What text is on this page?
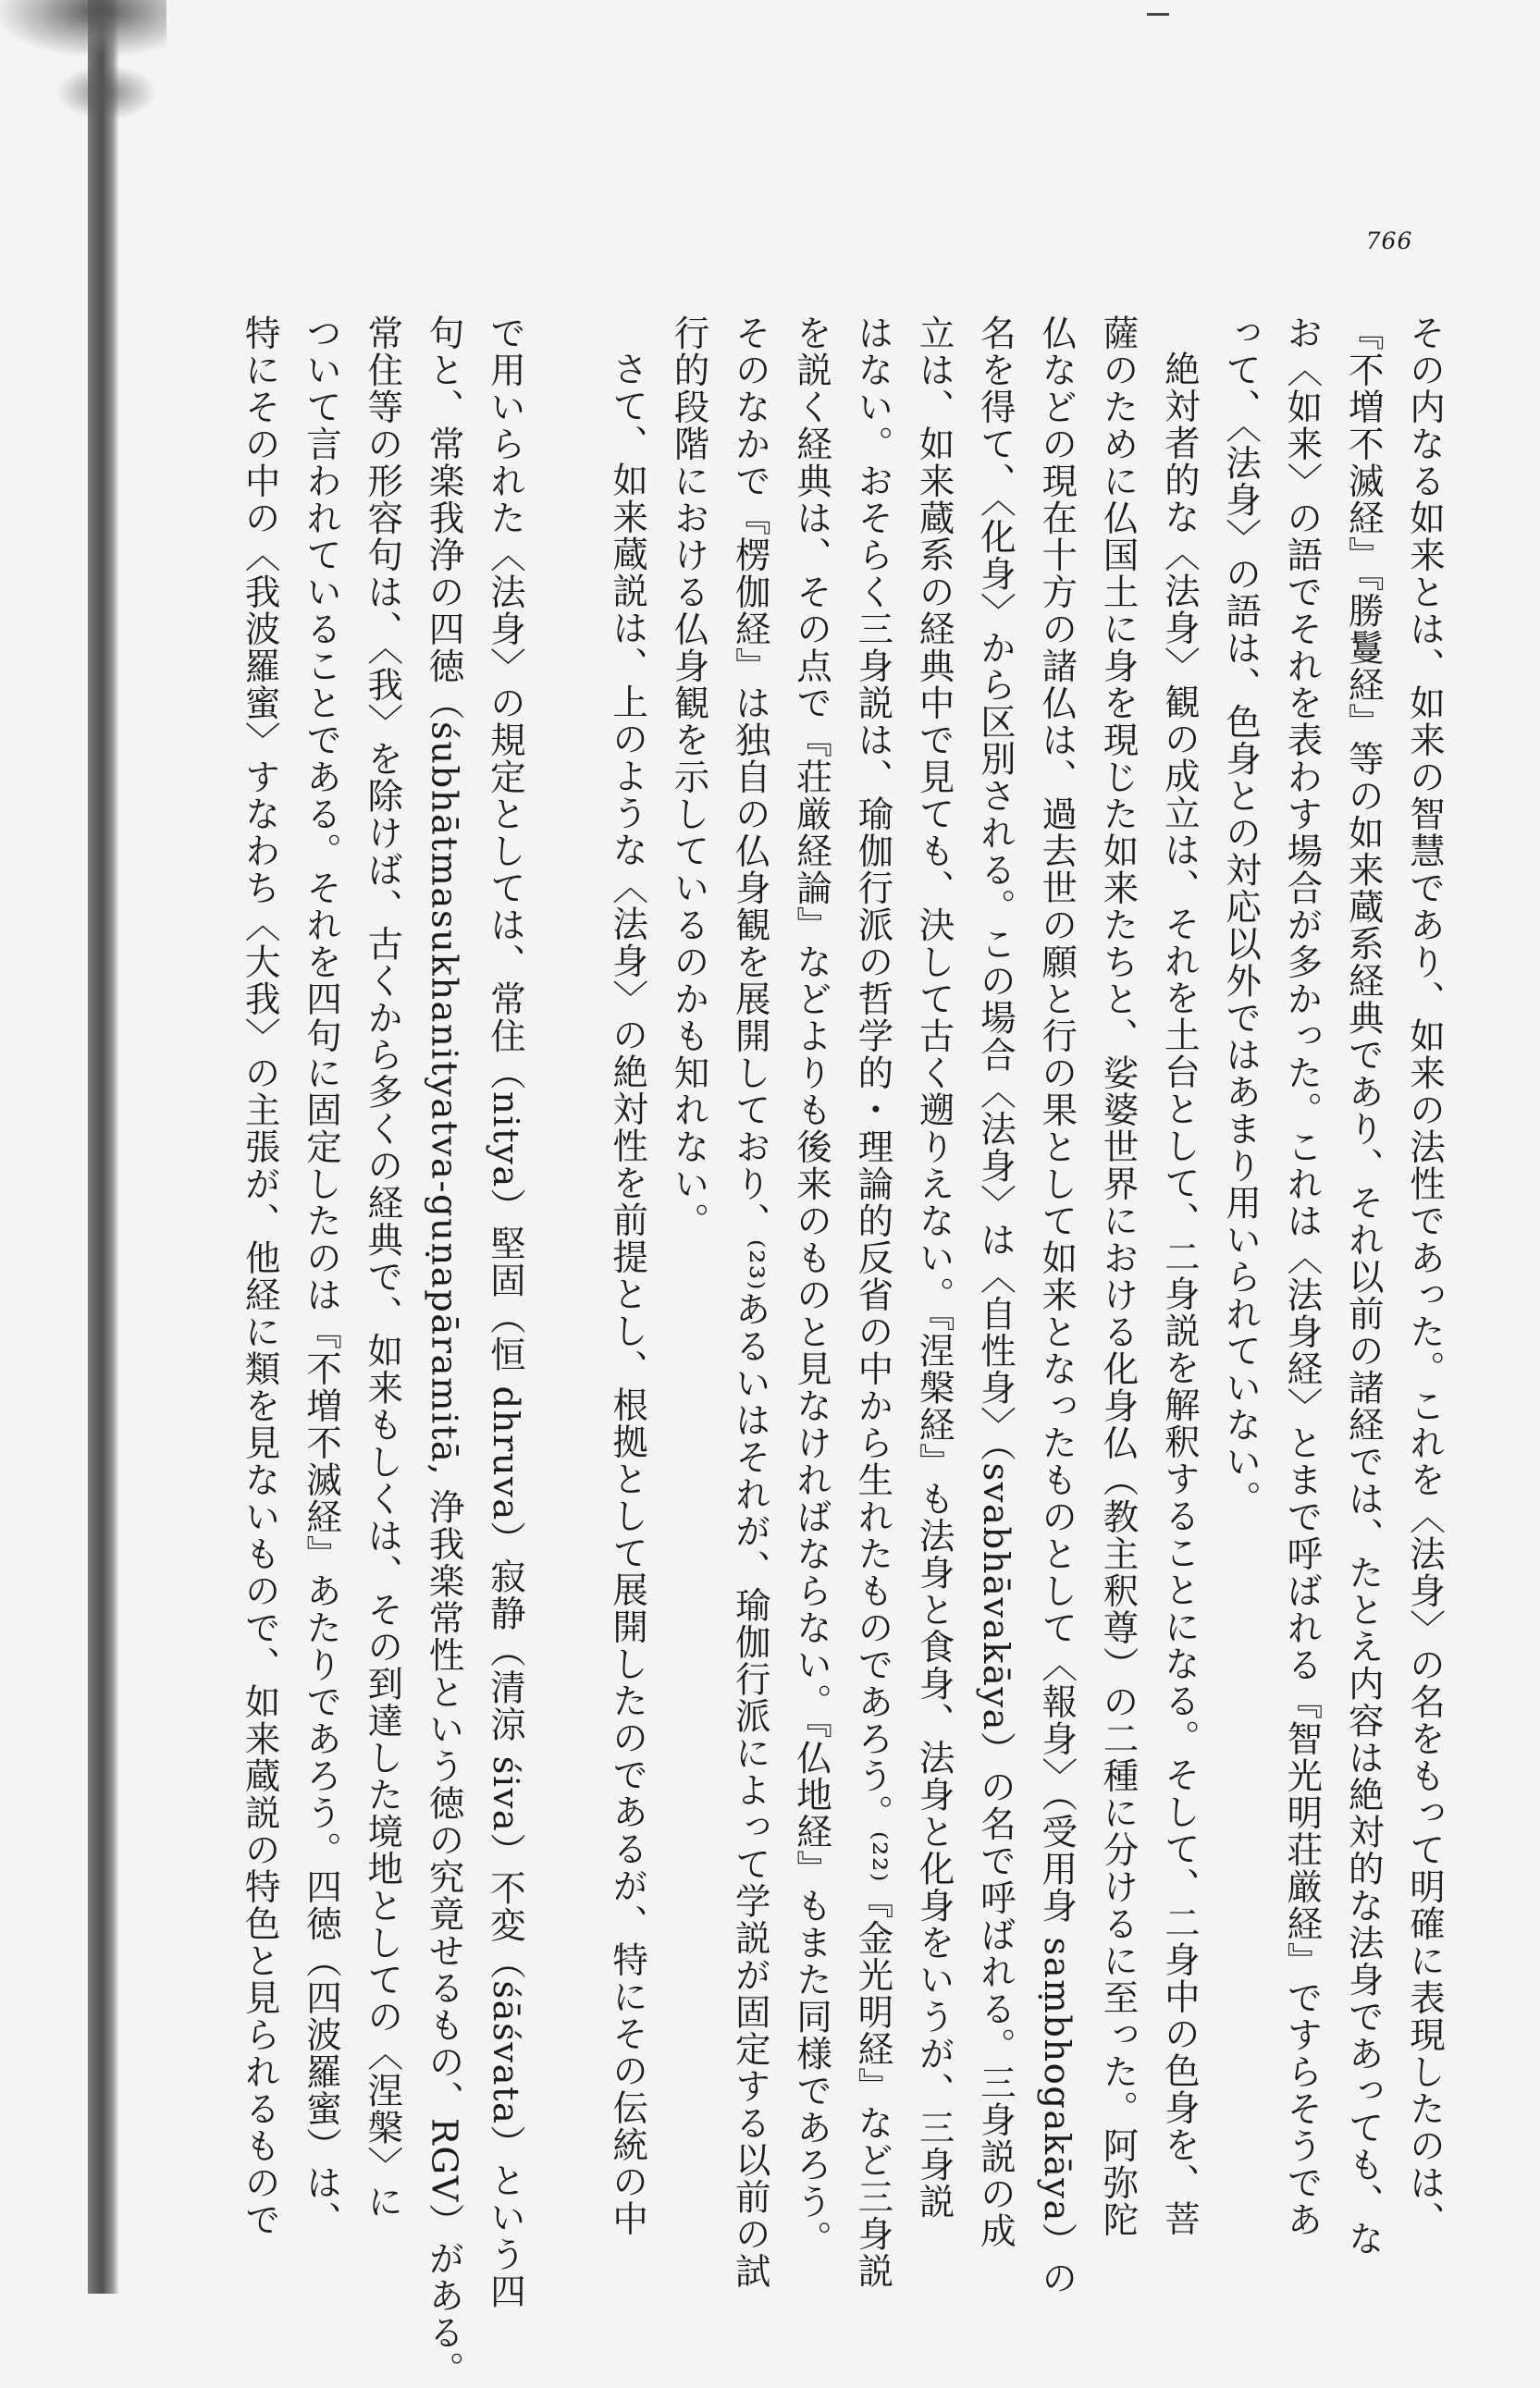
766
その内なる如来とは、如来の智慧であり、如来の法性であった。これを〈法身〉の名をもって明確に表現したのは、
『不増不滅経』『勝鬘経』等の如来蔵系経典であり、それ以前の諸経では、たとえ内容は絶対的な法身であっても、な
お〈如来〉の語でそれを表わす場合が多かった。これは〈法身経〉とまで呼ばれる『智光明荘厳経』ですらそうであ
って、〈法身〉の語は、色身との対応以外ではあまり用いられていない。
絶対者的な〈法身〉観の成立は、それを土台として、二身説を解釈することになる。そして、二身中の色身を、菩
薩のために仏国土に身を現じた如来たちと、娑婆世界における化身仏（教主釈尊）の二種に分けるに至った。阿弥陀
仏などの現在十方の諸仏は、過去世の願と行の果として如来となったものとして〈報身〉（受用身 saṃbhogakāya）の
名を得て、〈化身〉から区別される。この場合〈法身〉は〈自性身〉（svabhāvakāya）の名で呼ばれる。三身説の成
立は、如来蔵系の経典中で見ても、決して古く遡りえない。『涅槃経』も法身と食身、法身と化身をいうが、三身説
はない。おそらく三身説は、瑜伽行派の哲学的・理論的反省の中から生れたものであろう。⁽²²⁾『金光明経』など三身説
を説く経典は、その点で『荘厳経論』などよりも後来のものと見なければならない。『仏地経』もまた同様であろう。
そのなかで『楞伽経』は独自の仏身観を展開しており、⁽²³⁾あるいはそれが、瑜伽行派によって学説が固定する以前の試
行的段階における仏身観を示しているのかも知れない。
さて、如来蔵説は、上のような〈法身〉の絶対性を前提とし、根拠として展開したのであるが、特にその伝統の中
で用いられた〈法身〉の規定としては、常住（nitya）堅固（恒 dhruva）寂静（清涼 śiva）不変（śāśvata）という四
句と、常楽我浄の四徳（śubhātmasukhanityatva-guṇapāramitā, 浄我楽常性という徳の究竟せるもの、RGV）がある。
常住等の形容句は、〈我〉を除けば、古くから多くの経典で、如来もしくは、その到達した境地としての〈涅槃〉に
ついて言われていることである。それを四句に固定したのは『不増不滅経』あたりであろう。四徳（四波羅蜜）は、
特にその中の〈我波羅蜜〉すなわち〈大我〉の主張が、他経に類を見ないもので、如来蔵説の特色と見られるもので
